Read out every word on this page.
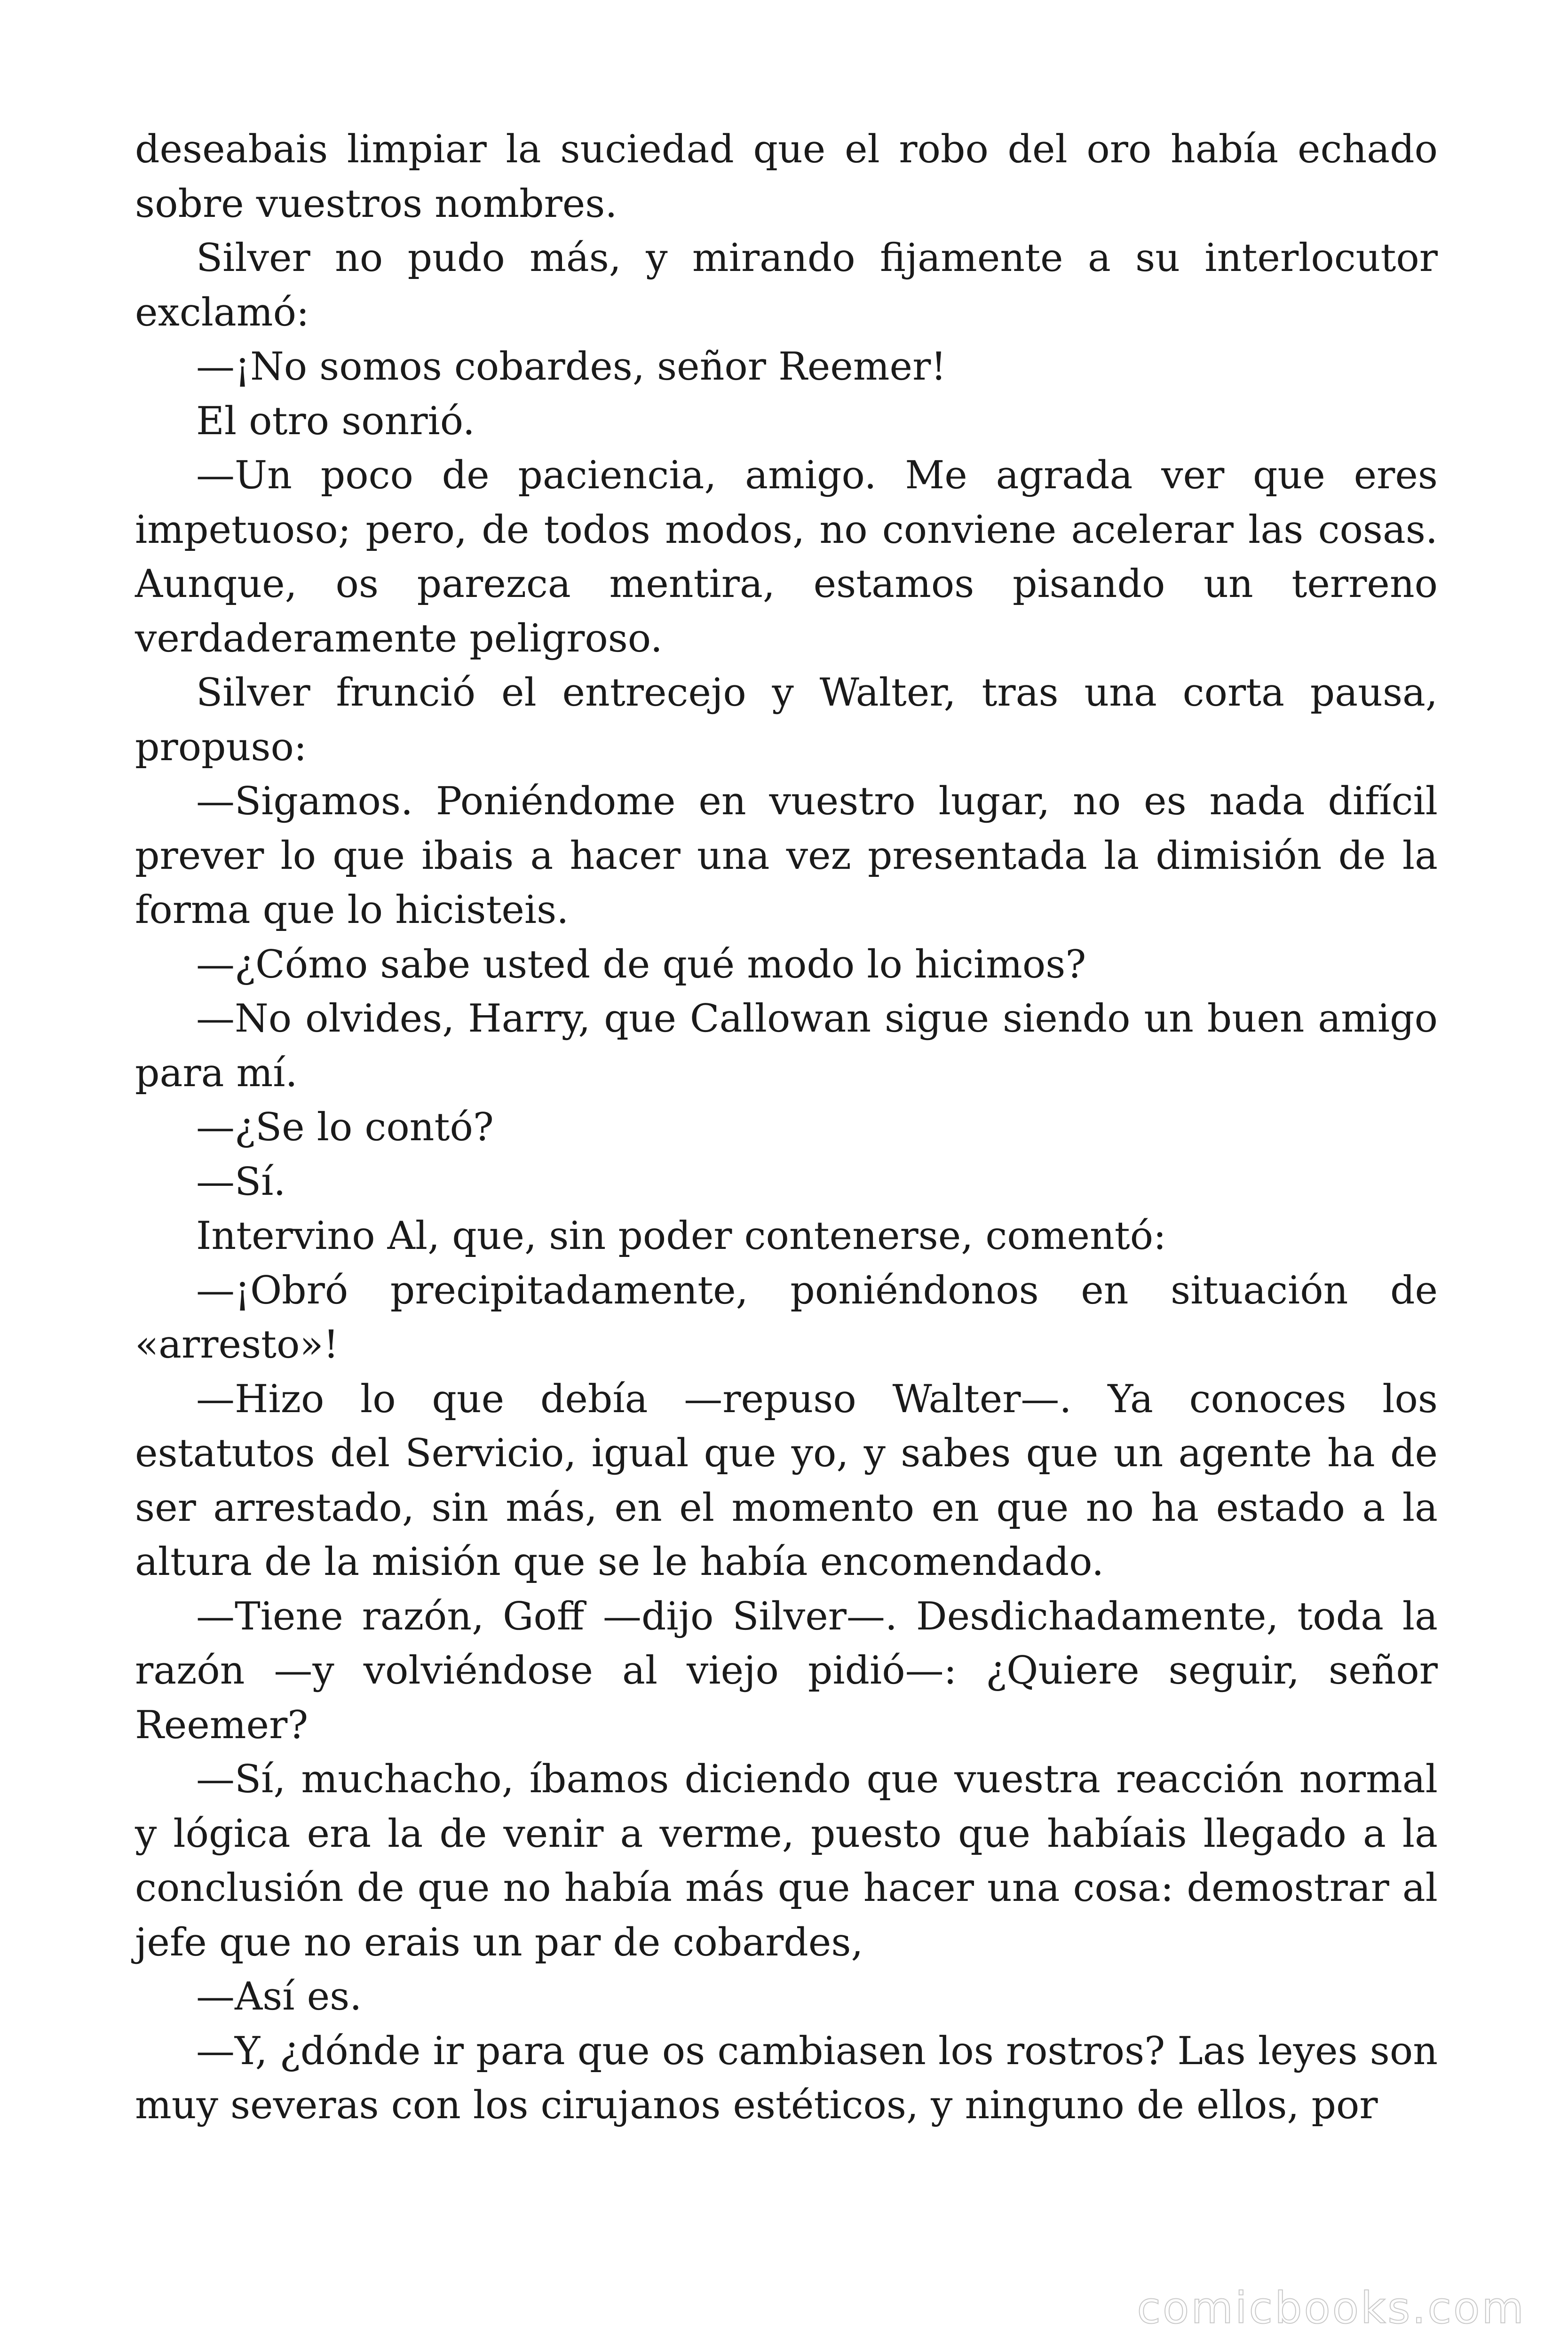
deseabais limpiar la suciedad que el robo del oro había echado sobre vuestros nombres.

Silver no pudo más, y mirando fijamente a su interlocutor exclamó:

—¡No somos cobardes, señor Reemer!

El otro sonrió.

—Un poco de paciencia, amigo. Me agrada ver que eres impetuoso; pero, de todos modos, no conviene acelerar las cosas. Aunque, os parezca mentira, estamos pisando un terreno verdaderamente peligroso.

Silver frunció el entrecejo y Walter, tras una corta pausa, propuso:

—Sigamos. Poniéndome en vuestro lugar, no es nada difícil prever lo que ibais a hacer una vez presentada la dimisión de la forma que lo hicisteis.

—¿Cómo sabe usted de qué modo lo hicimos?

—No olvides, Harry, que Callowan sigue siendo un buen amigo para mí.

—¿Se lo contó?

—Sí.

Intervino Al, que, sin poder contenerse, comentó:

—¡Obró precipitadamente, poniéndonos en situación de «arresto»!

—Hizo lo que debía —repuso Walter—. Ya conoces los estatutos del Servicio, igual que yo, y sabes que un agente ha de ser arrestado, sin más, en el momento en que no ha estado a la altura de la misión que se le había encomendado.

—Tiene razón, Goff —dijo Silver—. Desdichadamente, toda la razón —y volviéndose al viejo pidió—: ¿Quiere seguir, señor Reemer?

—Sí, muchacho, íbamos diciendo que vuestra reacción normal y lógica era la de venir a verme, puesto que habíais llegado a la conclusión de que no había más que hacer una cosa: demostrar al jefe que no erais un par de cobardes,

—Así es.

—Y, ¿dónde ir para que os cambiasen los rostros? Las leyes son muy severas con los cirujanos estéticos, y ninguno de ellos, por

comicbooks.com
